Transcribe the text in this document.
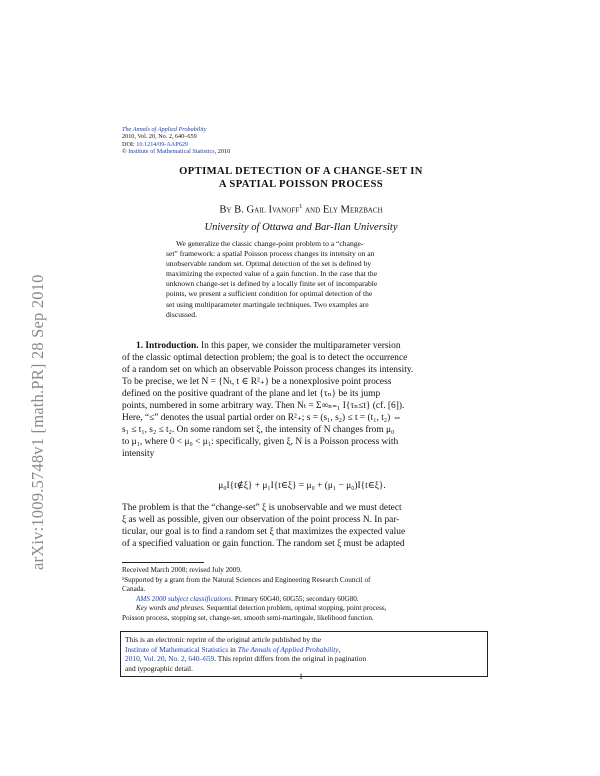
arXiv:1009.5748v1 [math.PR] 28 Sep 2010
The Annals of Applied Probability
2010, Vol. 20, No. 2, 640–659
DOI: 10.1214/09-AAP629
© Institute of Mathematical Statistics, 2010
OPTIMAL DETECTION OF A CHANGE-SET IN
A SPATIAL POISSON PROCESS
By B. Gail Ivanoff$^1$ and Ely Merzbach
University of Ottawa and Bar-Ilan University
We generalize the classic change-point problem to a “change-
set” framework: a spatial Poisson process changes its intensity on an
unobservable random set. Optimal detection of the set is defined by
maximizing the expected value of a gain function. In the case that the
unknown change-set is defined by a locally finite set of incomparable
points, we present a sufficient condition for optimal detection of the
set using multiparameter martingale techniques. Two examples are
discussed.
1. Introduction. In this paper, we consider the multiparameter version
of the classic optimal detection problem; the goal is to detect the occurrence
of a random set on which an observable Poisson process changes its intensity.
To be precise, we let N = {Nₜ, t ∈ R²₊} be a nonexplosive point process
defined on the positive quadrant of the plane and let {τₙ} be its jump
points, numbered in some arbitrary way. Then Nₜ = Σ∞ₙ₌₁ I{τₙ≤t} (cf. [6]).
Here, “≤” denotes the usual partial order on R²₊; s = (s₁, s₂) ≤ t = (t₁, t₂) ⇔
s₁ ≤ t₁, s₂ ≤ t₂. On some random set ξ, the intensity of N changes from μ₀
to μ₁, where 0 < μ₀ < μ₁: specifically, given ξ, N is a Poisson process with
intensity
μ₀I{t∉ξ} + μ₁I{t∈ξ} = μ₀ + (μ₁ − μ₀)I{t∈ξ}.
The problem is that the “change-set” ξ is unobservable and we must detect
ξ as well as possible, given our observation of the point process N. In par-
ticular, our goal is to find a random set ξ that maximizes the expected value
of a specified valuation or gain function. The random set ξ must be adapted
Received March 2008; revised July 2009.
¹Supported by a grant from the Natural Sciences and Engineering Research Council of
Canada.
AMS 2000 subject classifications. Primary 60G40, 60G55; secondary 60G80.
Key words and phrases. Sequential detection problem, optimal stopping, point process,
Poisson process, stopping set, change-set, smooth semi-martingale, likelihood function.
This is an electronic reprint of the original article published by the
Institute of Mathematical Statistics in The Annals of Applied Probability,
2010, Vol. 20, No. 2, 640–659. This reprint differs from the original in pagination
and typographic detail.
1
